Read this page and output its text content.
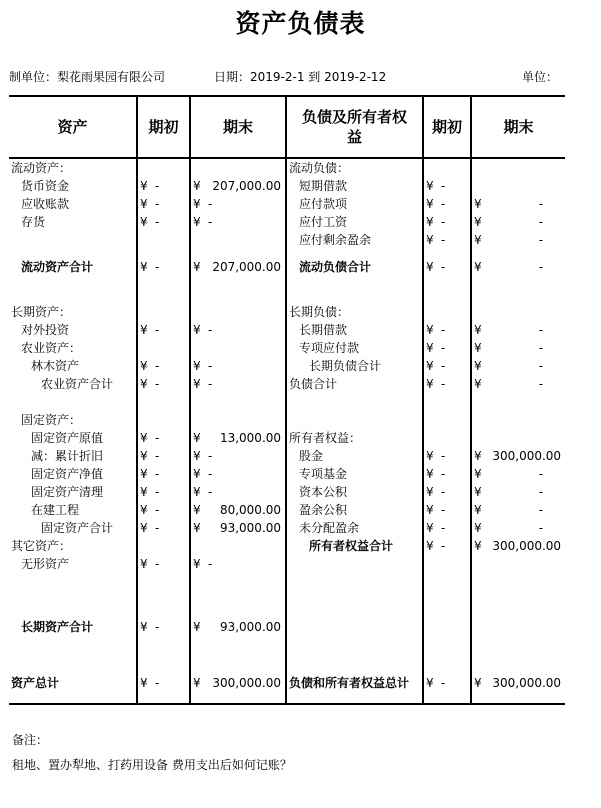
资产负债表
制单位：梨花雨果园有限公司	日期：2019-2-1 到 2019-2-12	单位：
资产	期初		期末		负债及所有者权益	期初		期末	
流动资产：					流动负债：				
货币资金	¥	-	¥	207,000.00	短期借款	¥	-		
应收账款	¥	-	¥	-	应付款项	¥	-	¥	-
存货	¥	-	¥	-	应付工资	¥	-	¥	-
					应付剩余盈余	¥	-	¥	-
流动资产合计	¥	-	¥	207,000.00	流动负债合计	¥	-	¥	-

长期资产：					长期负债：				
对外投资	¥	-	¥	-	长期借款	¥	-	¥	-
农业资产：					专项应付款	¥	-	¥	-
林木资产	¥	-	¥	-	长期负债合计	¥	-	¥	-
农业资产合计	¥	-	¥	-	负债合计	¥	-	¥	-

固定资产：									
固定资产原值	¥	-	¥	13,000.00	所有者权益：				
减：累计折旧	¥	-	¥	-	股金	¥	-	¥	300,000.00
固定资产净值	¥	-	¥	-	专项基金	¥	-	¥	-
固定资产清理	¥	-	¥	-	资本公积	¥	-	¥	-
在建工程	¥	-	¥	80,000.00	盈余公积	¥	-	¥	-
固定资产合计	¥	-	¥	93,000.00	未分配盈余	¥	-	¥	-
其它资产：					所有者权益合计	¥	-	¥	300,000.00
无形资产	¥	-	¥	-					

长期资产合计	¥	-	¥	93,000.00					

资产总计	¥	-	¥	300,000.00	负债和所有者权益总计	¥	-	¥	300,000.00
备注：
租地、置办犁地、打药用设备 费用支出后如何记账？
